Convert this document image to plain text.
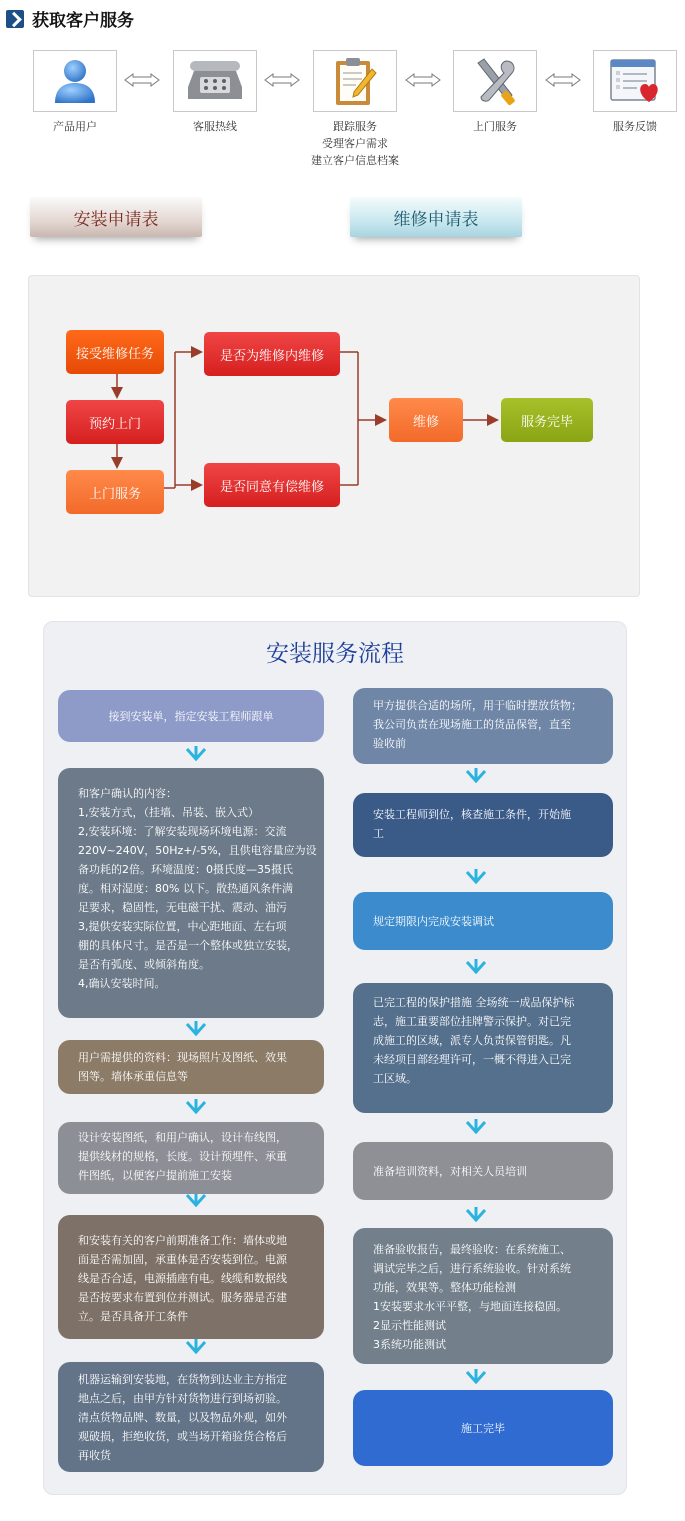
获取客户服务
产品用户	客服热线	跟踪服务
受理客户需求
建立客户信息档案
上门服务	服务反馈
安装申请表	维修申请表
接受维修任务
预约上门
上门服务
是否为维修内维修
是否同意有偿维修
维修	服务完毕
安装服务流程
接到安装单，指定安装工程师跟单
和客户确认的内容：
1,安装方式，（挂墙、吊装、嵌入式）
2,安装环境：了解安装现场环境电源：交流
220V~240V，50Hz+/-5%，且供电容量应为设
备功耗的2倍。环境温度：0摄氏度—35摄氏
度。相对湿度：80% 以下。散热通风条件满
足要求，稳固性，无电磁干扰、震动、油污
3,提供安装实际位置，中心距地面、左右项
棚的具体尺寸。是否是一个整体或独立安装，
是否有弧度、或倾斜角度。
4,确认安装时间。
用户需提供的资料：现场照片及图纸、效果
图等。墙体承重信息等
设计安装图纸，和用户确认，设计布线图，
提供线材的规格，长度。设计预埋件、承重
件图纸，以便客户提前施工安装
和安装有关的客户前期准备工作：墙体或地
面是否需加固，承重体是否安装到位。电源
线是否合适，电源插座有电。线缆和数据线
是否按要求布置到位并测试。服务器是否建
立。是否具备开工条件
机器运输到安装地，在货物到达业主方指定
地点之后，由甲方针对货物进行到场初验。
清点货物品牌、数量，以及物品外观，如外
观破损，拒绝收货，或当场开箱验货合格后
再收货
甲方提供合适的场所，用于临时摆放货物；
我公司负责在现场施工的货品保管，直至
验收前
安装工程师到位，核查施工条件，开始施
工
规定期限内完成安装调试
已完工程的保护措施 全场统一成品保护标
志，施工重要部位挂牌警示保护。对已完
成施工的区域，派专人负责保管钥匙。凡
未经项目部经理许可，一概不得进入已完
工区域。
准备培训资料，对相关人员培训
准备验收报告，最终验收：在系统施工、
调试完毕之后，进行系统验收。针对系统
功能，效果等。整体功能检测
1安装要求水平平整，与地面连接稳固。
2显示性能测试
3系统功能测试
施工完毕
